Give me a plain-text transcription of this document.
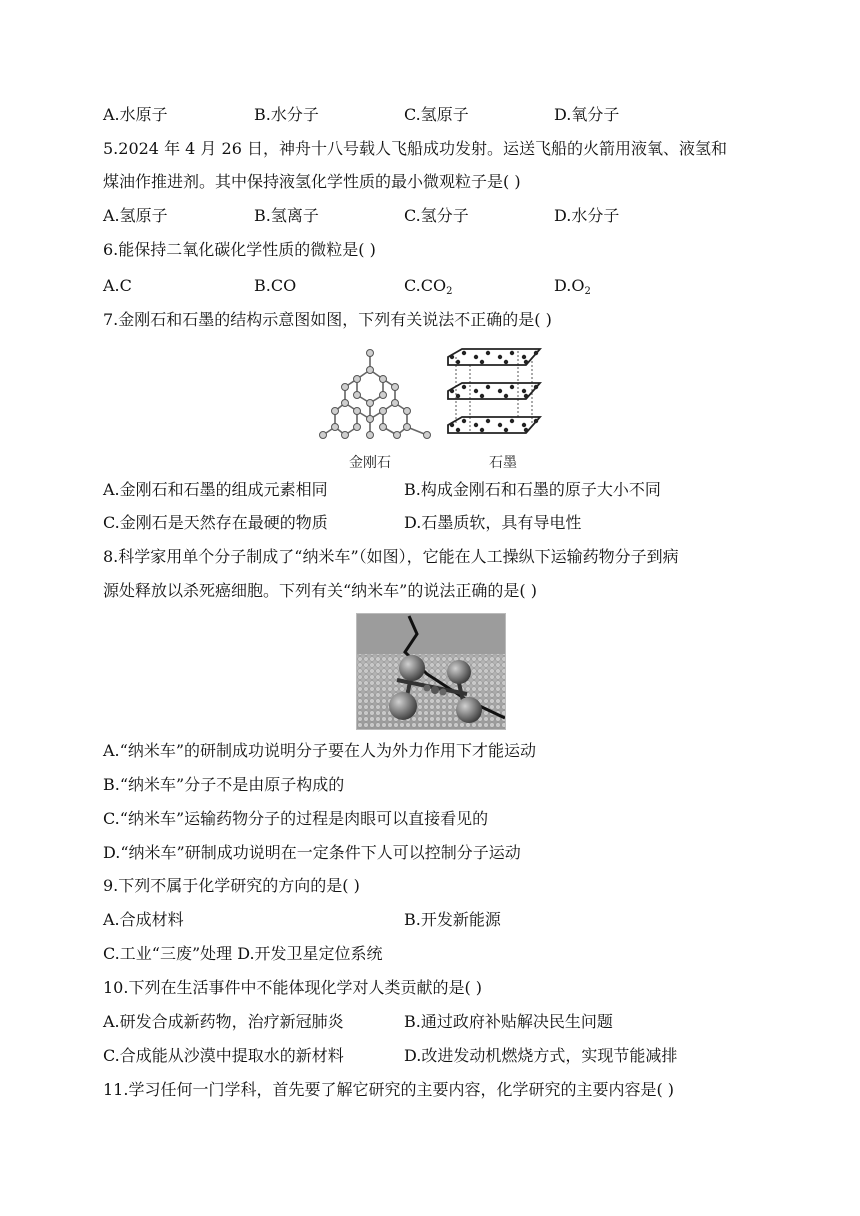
A.水原子	B.水分子	C.氢原子	D.氧分子
5.2024 年 4 月 26 日，神舟十八号载人飞船成功发射。运送飞船的火箭用液氧、液氢和
煤油作推进剂。其中保持液氢化学性质的最小微观粒子是( )
A.氢原子	B.氢离子	C.氢分子	D.水分子
6.能保持二氧化碳化学性质的微粒是( )
A.C	B.CO	$C.CO_2$	$D.O_2$
7.金刚石和石墨的结构示意图如图，下列有关说法不正确的是( )
金刚石	石墨
A.金刚石和石墨的组成元素相同	B.构成金刚石和石墨的原子大小不同
C.金刚石是天然存在最硬的物质	D.石墨质软，具有导电性
8.科学家用单个分子制成了“纳米车”（如图），它能在人工操纵下运输药物分子到病
源处释放以杀死癌细胞。下列有关“纳米车”的说法正确的是( )
A.“纳米车”的研制成功说明分子要在人为外力作用下才能运动
B.“纳米车”分子不是由原子构成的
C.“纳米车”运输药物分子的过程是肉眼可以直接看见的
D.“纳米车”研制成功说明在一定条件下人可以控制分子运动
9.下列不属于化学研究的方向的是( )
A.合成材料	B.开发新能源
C.工业“三废”处理 D.开发卫星定位系统
10.下列在生活事件中不能体现化学对人类贡献的是( )
A.研发合成新药物，治疗新冠肺炎	B.通过政府补贴解决民生问题
C.合成能从沙漠中提取水的新材料	D.改进发动机燃烧方式，实现节能减排
11.学习任何一门学科，首先要了解它研究的主要内容，化学研究的主要内容是( )
